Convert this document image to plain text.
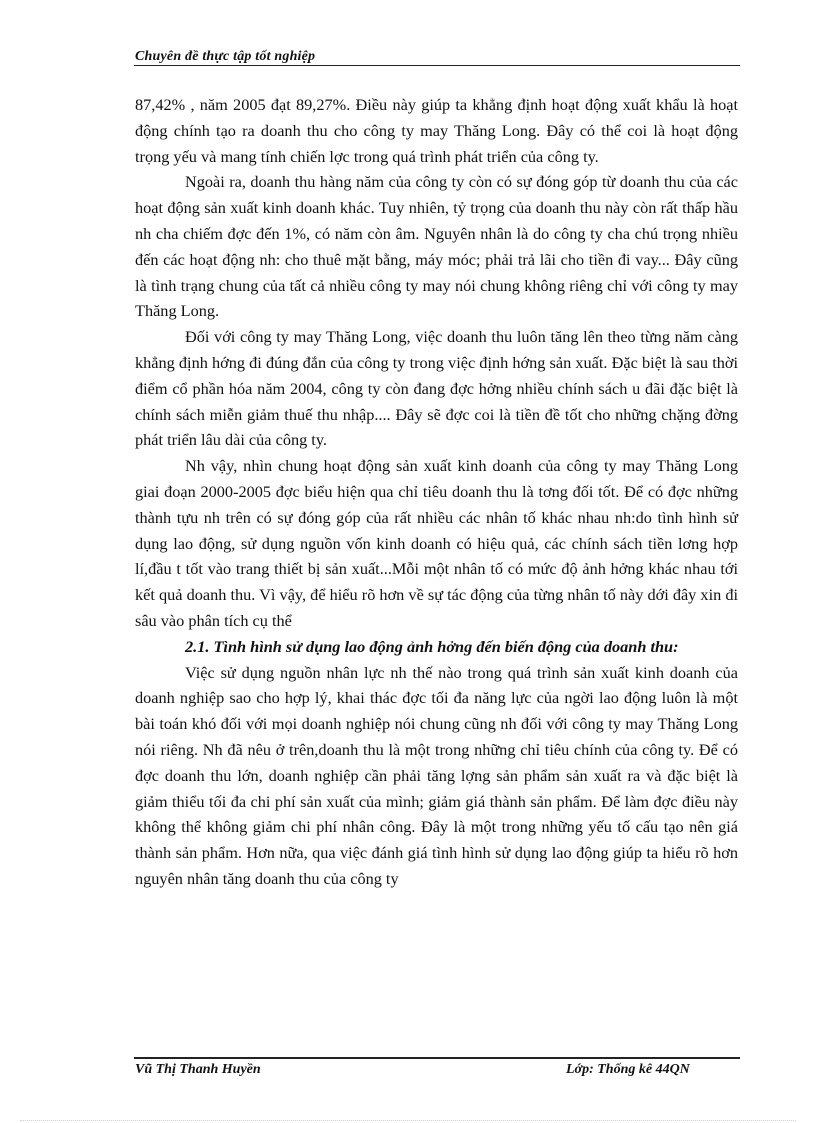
Chuyên đề thực tập tốt nghiệp

87,42% , năm 2005 đạt 89,27%. Điều này giúp ta khẳng định hoạt động xuất khẩu là hoạt động chính tạo ra doanh thu cho công ty may Thăng Long. Đây có thể coi là hoạt động trọng yếu và mang tính chiến lợc trong quá trình phát triển của công ty.

Ngoài ra, doanh thu hàng năm của công ty còn có sự đóng góp từ doanh thu của các hoạt động sản xuất kinh doanh khác. Tuy nhiên, tỷ trọng của doanh thu này còn rất thấp hầu nh cha chiếm đợc đến 1%, có năm còn âm. Nguyên nhân là do công ty cha chú trọng nhiều đến các hoạt động nh: cho thuê mặt bằng, máy móc; phải trả lãi cho tiền đi vay... Đây cũng là tình trạng chung của tất cả nhiều công ty may nói chung không riêng chỉ với công ty may Thăng Long.

Đối với công ty may Thăng Long, việc doanh thu luôn tăng lên theo từng năm càng khẳng định hớng đi đúng đắn của công ty trong việc định hớng sản xuất. Đặc biệt là sau thời điểm cổ phần hóa năm 2004, công ty còn đang đợc hởng nhiều chính sách u đãi đặc biệt là chính sách miễn giảm thuế thu nhập.... Đây sẽ đợc coi là tiền đề tốt cho những chặng đờng phát triển lâu dài của công ty.

Nh vậy, nhìn chung hoạt động sản xuất kinh doanh của công ty may Thăng Long giai đoạn 2000-2005 đợc biểu hiện qua chỉ tiêu doanh thu là tơng đối tốt. Để có đợc những thành tựu nh trên có sự đóng góp của rất nhiều các nhân tố khác nhau nh:do tình hình sử dụng lao động, sử dụng nguồn vốn kinh doanh có hiệu quả, các chính sách tiền lơng hợp lí,đầu t tốt vào trang thiết bị sản xuất...Mỗi một nhân tố có mức độ ảnh hởng khác nhau tới kết quả doanh thu. Vì vậy, để hiểu rõ hơn về sự tác động của từng nhân tố này dới đây xin đi sâu vào phân tích cụ thể

2.1. Tình hình sử dụng lao động ảnh hởng đến biến động của doanh thu:

Việc sử dụng nguồn nhân lực nh thế nào trong quá trình sản xuất kinh doanh của doanh nghiệp sao cho hợp lý, khai thác đợc tối đa năng lực của ngời lao động luôn là một bài toán khó đối với mọi doanh nghiệp nói chung cũng nh đối với công ty may Thăng Long nói riêng. Nh đã nêu ở trên,doanh thu là một trong những chỉ tiêu chính của công ty. Để có đợc doanh thu lớn, doanh nghiệp cần phải tăng lợng sản phẩm sản xuất ra và đặc biệt là giảm thiểu tối đa chi phí sản xuất của mình; giảm giá thành sản phẩm. Để làm đợc điều này không thể không giảm chi phí nhân công. Đây là một trong những yếu tố cấu tạo nên giá thành sản phẩm. Hơn nữa, qua việc đánh giá tình hình sử dụng lao động giúp ta hiểu rõ hơn nguyên nhân tăng doanh thu của công ty

Vũ Thị Thanh Huyền	Lớp: Thống kê 44QN
